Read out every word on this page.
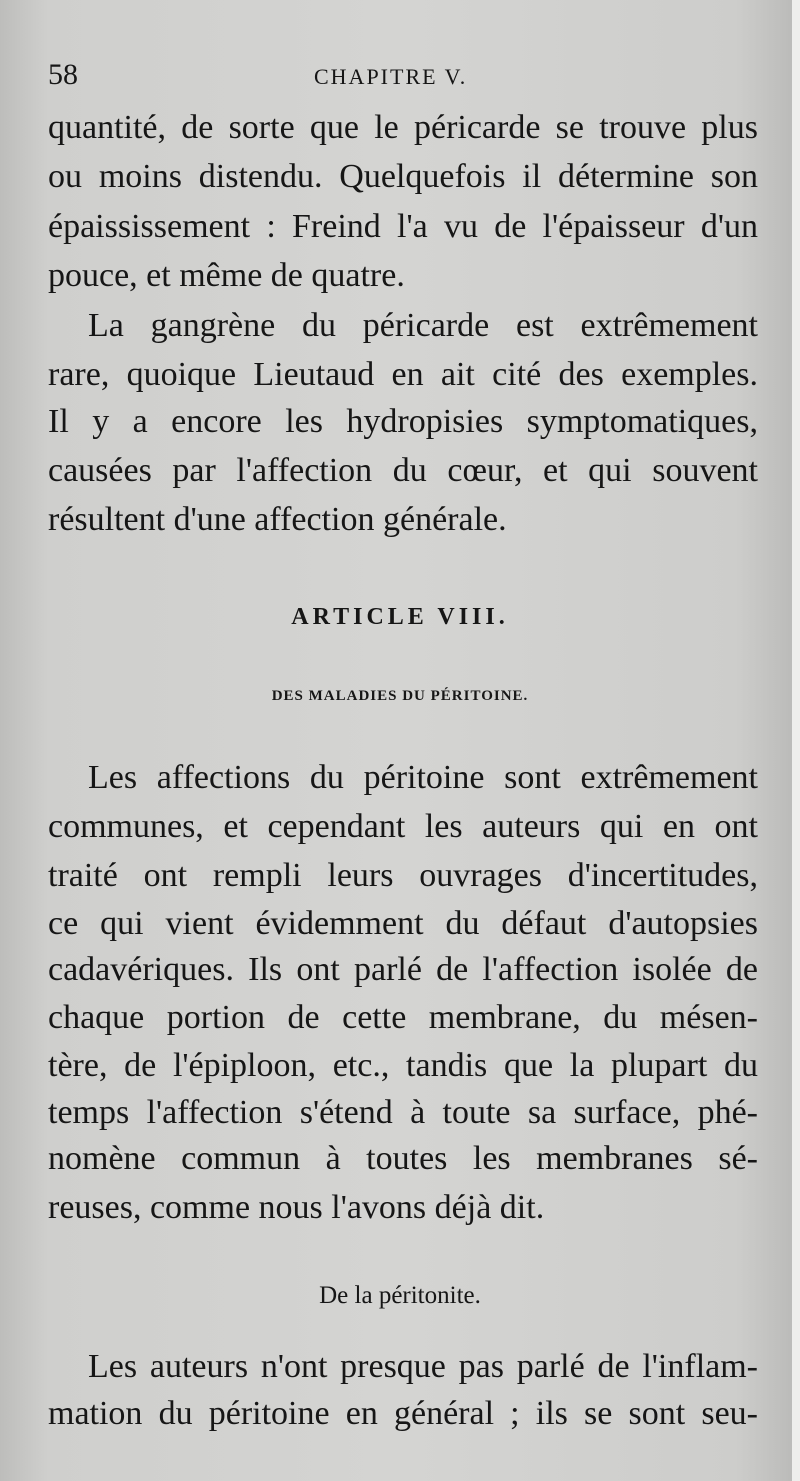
58	CHAPITRE V.
quantité, de sorte que le péricarde se trouve plus
ou moins distendu. Quelquefois il détermine son
épaississement : Freind l'a vu de l'épaisseur d'un
pouce, et même de quatre.
La gangrène du péricarde est extrêmement
rare, quoique Lieutaud en ait cité des exemples.
Il y a encore les hydropisies symptomatiques,
causées par l'affection du cœur, et qui souvent
résultent d'une affection générale.
ARTICLE VIII.
DES MALADIES DU PÉRITOINE.
Les affections du péritoine sont extrêmement
communes, et cependant les auteurs qui en ont
traité ont rempli leurs ouvrages d'incertitudes,
ce qui vient évidemment du défaut d'autopsies
cadavériques. Ils ont parlé de l'affection isolée de
chaque portion de cette membrane, du mésen-
tère, de l'épiploon, etc., tandis que la plupart du
temps l'affection s'étend à toute sa surface, phé-
nomène commun à toutes les membranes sé-
reuses, comme nous l'avons déjà dit.
De la péritonite.
Les auteurs n'ont presque pas parlé de l'inflam-
mation du péritoine en général ; ils se sont seu-
